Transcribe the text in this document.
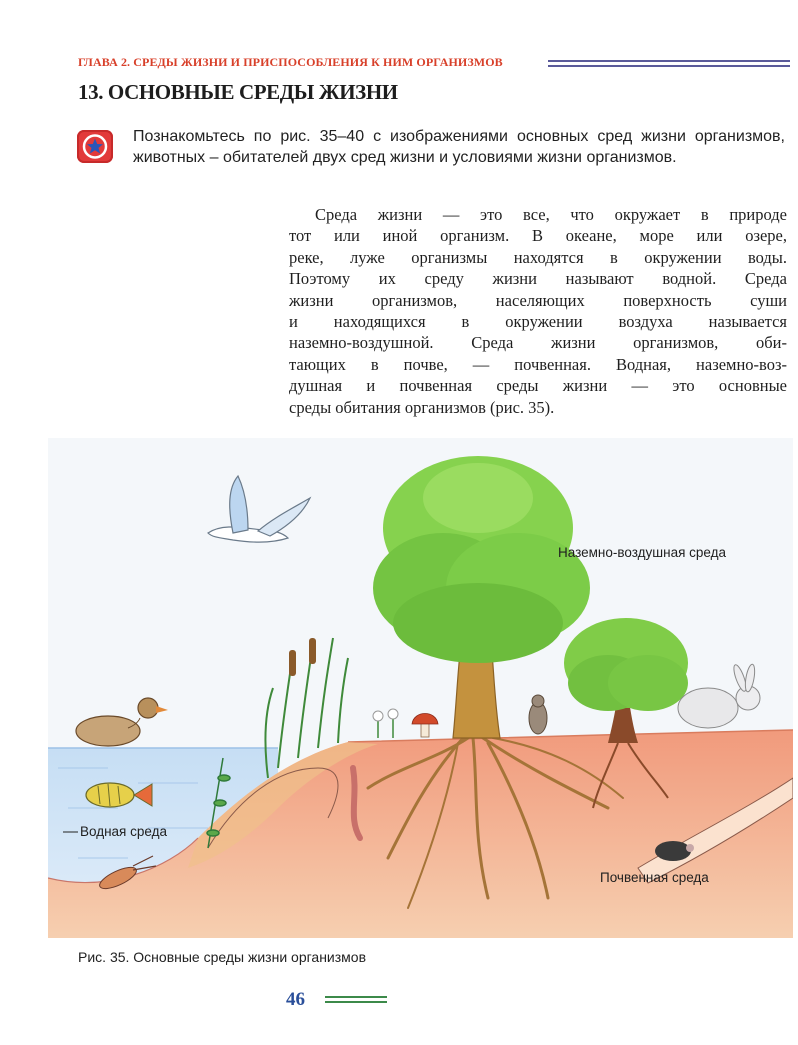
ГЛАВА 2. СРЕДЫ ЖИЗНИ И ПРИСПОСОБЛЕНИЯ К НИМ ОРГАНИЗМОВ
13. ОСНОВНЫЕ СРЕДЫ ЖИЗНИ
Познакомьтесь по рис. 35–40 с изображениями основных сред жизни организмов, животных – обитателей двух сред жизни и условиями жизни организмов.
Среда жизни — это все, что окружает в природе
тот или иной организм. В океане, море или озере,
реке, луже организмы находятся в окружении воды.
Поэтому их среду жизни называют водной. Среда
жизни организмов, населяющих поверхность суши
и находящихся в окружении воздуха называется
наземно-воздушной. Среда жизни организмов, оби-
тающих в почве, — почвенная. Водная, наземно-воз-
душная и почвенная среды жизни — это основные
среды обитания организмов (рис. 35).
Наземно-воздушная среда
Водная среда
Почвенная среда
Рис. 35. Основные среды жизни организмов
46
